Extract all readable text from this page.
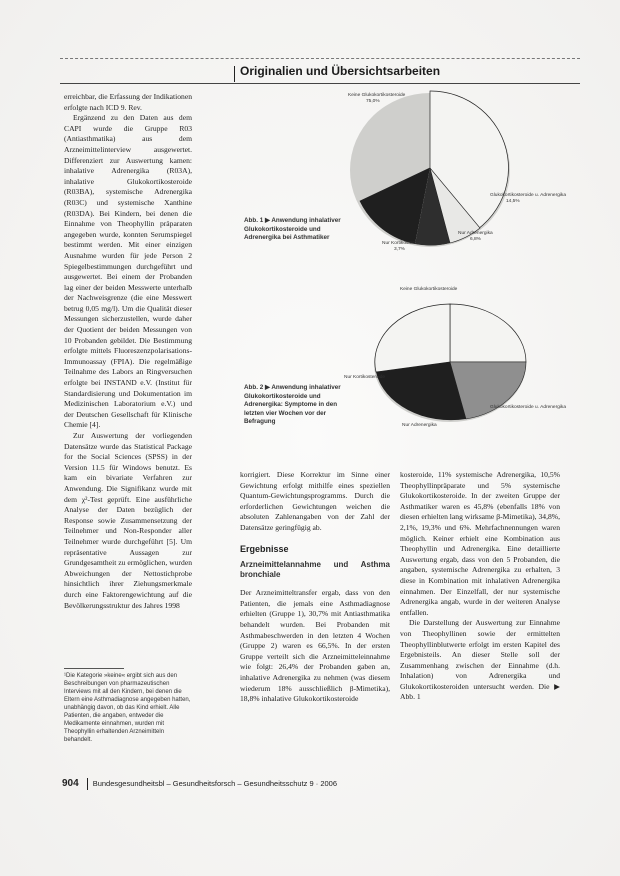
Originalien und Übersichtsarbeiten

erreichbar, die Erfassung der Indikationen erfolgte nach ICD 9. Rev.

Ergänzend zu den Daten aus dem CAPI wurde die Gruppe R03 (Antiasthmatika) aus dem Arzneimittelinterview ausgewertet. Differenziert zur Auswertung kamen: inhalative Adrenergika (R03A), inhalative Glukokortikosteroide (R03BA), systemische Adrenergika (R03C) und systemische Xanthine (R03DA). Bei Kindern, bei denen die Einnahme von Theophyllin präparaten angegeben wurde, konnten Serumspiegel bestimmt werden. Mit einer einzigen Ausnahme wurden für jede Person 2 Spiegelbestimmungen durchgeführt und ausgewertet. Bei einem der Probanden lag einer der beiden Messwerte unterhalb der Nachweisgrenze (die eine Messwert betrug 0,05 mg/l). Um die Qualität dieser Messungen sicherzustellen, wurde daher der Quotient der beiden Messungen von 10 Probanden gebildet. Die Bestimmung erfolgte mittels Fluoreszenzpolarisations-Immunoassay (FPIA). Die regelmäßige Teilnahme des Labors an Ringversuchen erfolgte bei INSTAND e.V. (Institut für Standardisierung und Dokumentation im Medizinischen Laboratorium e.V.) und der Deutschen Gesellschaft für Klinische Chemie [4].

Zur Auswertung der vorliegenden Datensätze wurde das Statistical Package for the Social Sciences (SPSS) in der Version 11.5 für Windows benutzt. Es kam ein bivariate Verfahren zur Anwendung. Die Signifikanz wurde mit dem χ²-Test geprüft. Eine ausführliche Analyse der Daten bezüglich der Response sowie Zusammensetzung der Teilnehmer und Non-Responder aller Teilnehmer wurde durchgeführt [5]. Um repräsentative Aussagen zur Grundgesamtheit zu ermöglichen, wurden Abweichungen der Nettostichprobe hinsichtlich ihrer Ziehungsmerkmale durch eine Faktorengewichtung auf die Bevölkerungsstruktur des Jahres 1998

¹Die Kategorie »keine« ergibt sich aus den Beschreibungen von pharmazeutischen Interviews mit all den Kindern, bei denen die Eltern eine Asthmadiagnose angegeben hatten, unabhängig davon, ob das Kind erhielt. Alle Patienten, die angaben, entweder die Medikamente einnahmen, wurden mit Theophyllin erhaltenden Arzneimitteln behandelt.
Keine Glukokortikosteroide
75,0%
Glukokortikosteroide u. Adrenergika
14,5%
Nur Adrenergika
6,8%
Nur Kortikosteroide
3,7%
Abb. 1 ▶ Anwendung inhalativer Glukokortikosteroide und Adrenergika bei Asthmatiker
Keine Glukokortikosteroide
Nur Kortikosteroide
Glukokortikosteroide u. Adrenergika
Nur Adrenergika
Abb. 2 ▶ Anwendung inhalativer Glukokortikosteroide und Adrenergika: Symptome in den letzten vier Wochen vor der Befragung

korrigiert. Diese Korrektur im Sinne einer Gewichtung erfolgt mithilfe eines speziellen Quantum-Gewichtungsprogramms. Durch die erforderlichen Gewichtungen weichen die absoluten Zahlenangaben von der Zahl der Datensätze geringfügig ab.

Ergebnisse
Arzneimittelannahme und Asthma bronchiale

Der Arzneimitteltransfer ergab, dass von den Patienten, die jemals eine Asthmadiagnose erhielten (Gruppe 1), 30,7% mit Antiasthmatika behandelt wurden. Bei Probanden mit Asthmabeschwerden in den letzten 4 Wochen (Gruppe 2) waren es 66,5%. In der ersten Gruppe verteilt sich die Arzneimitteleinnahme wie folgt: 26,4% der Probanden gaben an, inhalative Adrenergika zu nehmen (was diesem wiederum 18% ausschließlich β-Mimetika), 18,8% inhalative Glukokortikosteroide

kosteroide, 11% systemische Adrenergika, 10,5% Theophyllinpräparate und 5% systemische Glukokortikosteroide. In der zweiten Gruppe der Asthmatiker waren es 45,8% (ebenfalls 18% von diesen erhielten lang wirksame β-Mimetika), 34,8%, 2,1%, 19,3% und 6%. Mehrfachnennungen waren möglich. Keiner erhielt eine Kombination aus Theophyllin und Adrenergika. Eine detaillierte Auswertung ergab, dass von den 5 Probanden, die angaben, systemische Adrenergika zu erhalten, 3 diese in Kombination mit inhalativen Adrenergika einnahmen. Der Einzelfall, der nur systemische Adrenergika angab, wurde in der weiteren Analyse entfallen.

Die Darstellung der Auswertung zur Einnahme von Theophyllinen sowie der ermittelten Theophyllinblutwerte erfolgt im ersten Kapitel des Ergebnisteils. An dieser Stelle soll der Zusammenhang zwischen der Einnahme (d.h. Inhalation) von Adrenergika und Glukokortikosteroiden untersucht werden. Die ▶ Abb. 1

904 Bundesgesundheitsbl – Gesundheitsforsch – Gesundheitsschutz 9 · 2006
